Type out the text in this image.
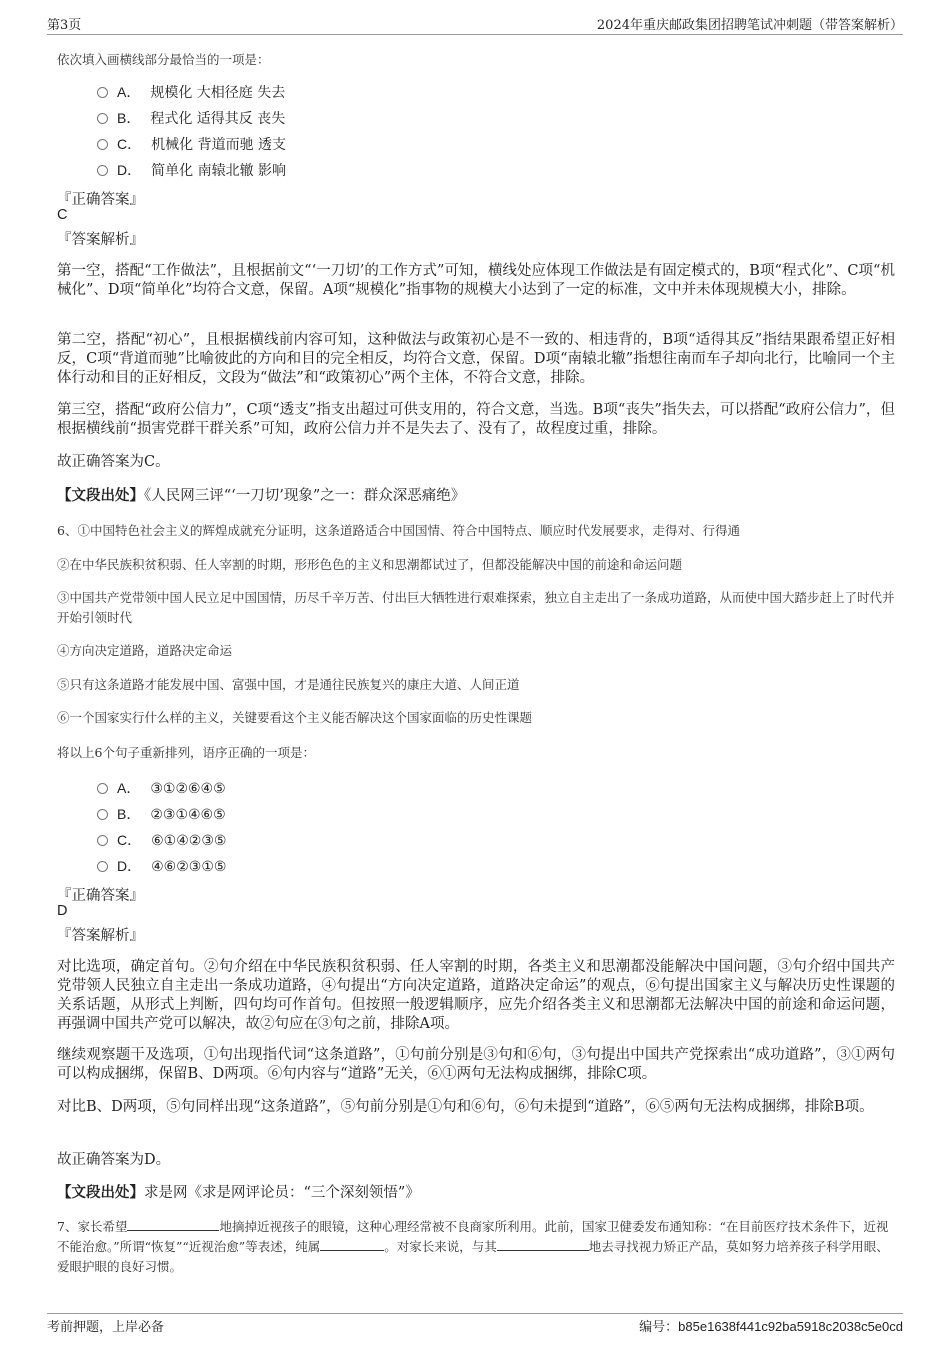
第3页	2024年重庆邮政集团招聘笔试冲刺题（带答案解析）
依次填入画横线部分最恰当的一项是：
A． 规模化 大相径庭 失去
B． 程式化 适得其反 丧失
C． 机械化 背道而驰 透支
D． 简单化 南辕北辙 影响
『正确答案』
C
『答案解析』
第一空，搭配“工作做法”，且根据前文“‘一刀切’的工作方式”可知，横线处应体现工作做法是有固定模式的，B项“程式化”、C项“机械化”、D项“简单化”均符合文意，保留。A项“规模化”指事物的规模大小达到了一定的标准，文中并未体现规模大小，排除。
第二空，搭配“初心”，且根据横线前内容可知，这种做法与政策初心是不一致的、相违背的，B项“适得其反”指结果跟希望正好相反，C项“背道而驰”比喻彼此的方向和目的完全相反，均符合文意，保留。D项“南辕北辙”指想往南而车子却向北行，比喻同一个主体行动和目的正好相反，文段为“做法”和“政策初心”两个主体，不符合文意，排除。
第三空，搭配“政府公信力”，C项“透支”指支出超过可供支用的，符合文意，当选。B项“丧失”指失去，可以搭配“政府公信力”，但根据横线前“损害党群干群关系”可知，政府公信力并不是失去了、没有了，故程度过重，排除。
故正确答案为C。
【文段出处】《人民网三评“‘一刀切’现象”之一：群众深恶痛绝》
6、①中国特色社会主义的辉煌成就充分证明，这条道路适合中国国情、符合中国特点、顺应时代发展要求，走得对、行得通
②在中华民族积贫积弱、任人宰割的时期，形形色色的主义和思潮都试过了，但都没能解决中国的前途和命运问题
③中国共产党带领中国人民立足中国国情，历尽千辛万苦、付出巨大牺牲进行艰难探索，独立自主走出了一条成功道路，从而使中国大踏步赶上了时代并开始引领时代
④方向决定道路，道路决定命运
⑤只有这条道路才能发展中国、富强中国，才是通往民族复兴的康庄大道、人间正道
⑥一个国家实行什么样的主义，关键要看这个主义能否解决这个国家面临的历史性课题
将以上6个句子重新排列，语序正确的一项是：
A． ③①②⑥④⑤
B． ②③①④⑥⑤
C． ⑥①④②③⑤
D． ④⑥②③①⑤
『正确答案』
D
『答案解析』
对比选项，确定首句。②句介绍在中华民族积贫积弱、任人宰割的时期，各类主义和思潮都没能解决中国问题，③句介绍中国共产党带领人民独立自主走出一条成功道路，④句提出“方向决定道路，道路决定命运”的观点，⑥句提出国家主义与解决历史性课题的关系话题，从形式上判断，四句均可作首句。但按照一般逻辑顺序，应先介绍各类主义和思潮都无法解决中国的前途和命运问题，再强调中国共产党可以解决，故②句应在③句之前，排除A项。
继续观察题干及选项，①句出现指代词“这条道路”，①句前分别是③句和⑥句，③句提出中国共产党探索出“成功道路”，③①两句可以构成捆绑，保留B、D两项。⑥句内容与“道路”无关，⑥①两句无法构成捆绑，排除C项。
对比B、D两项，⑤句同样出现“这条道路”，⑤句前分别是①句和⑥句，⑥句未提到“道路”，⑥⑤两句无法构成捆绑，排除B项。
故正确答案为D。
【文段出处】求是网《求是网评论员：“三个深刻领悟”》
7、家长希望	地摘掉近视孩子的眼镜，这种心理经常被不良商家所利用。此前，国家卫健委发布通知称：“在目前医疗技术条件下，近视不能治愈。”所谓“恢复”“近视治愈”等表述，纯属	。对家长来说，与其	地去寻找视力矫正产品，莫如努力培养孩子科学用眼、爱眼护眼的良好习惯。
考前押题，上岸必备	编号：b85e1638f441c92ba5918c2038c5e0cd
